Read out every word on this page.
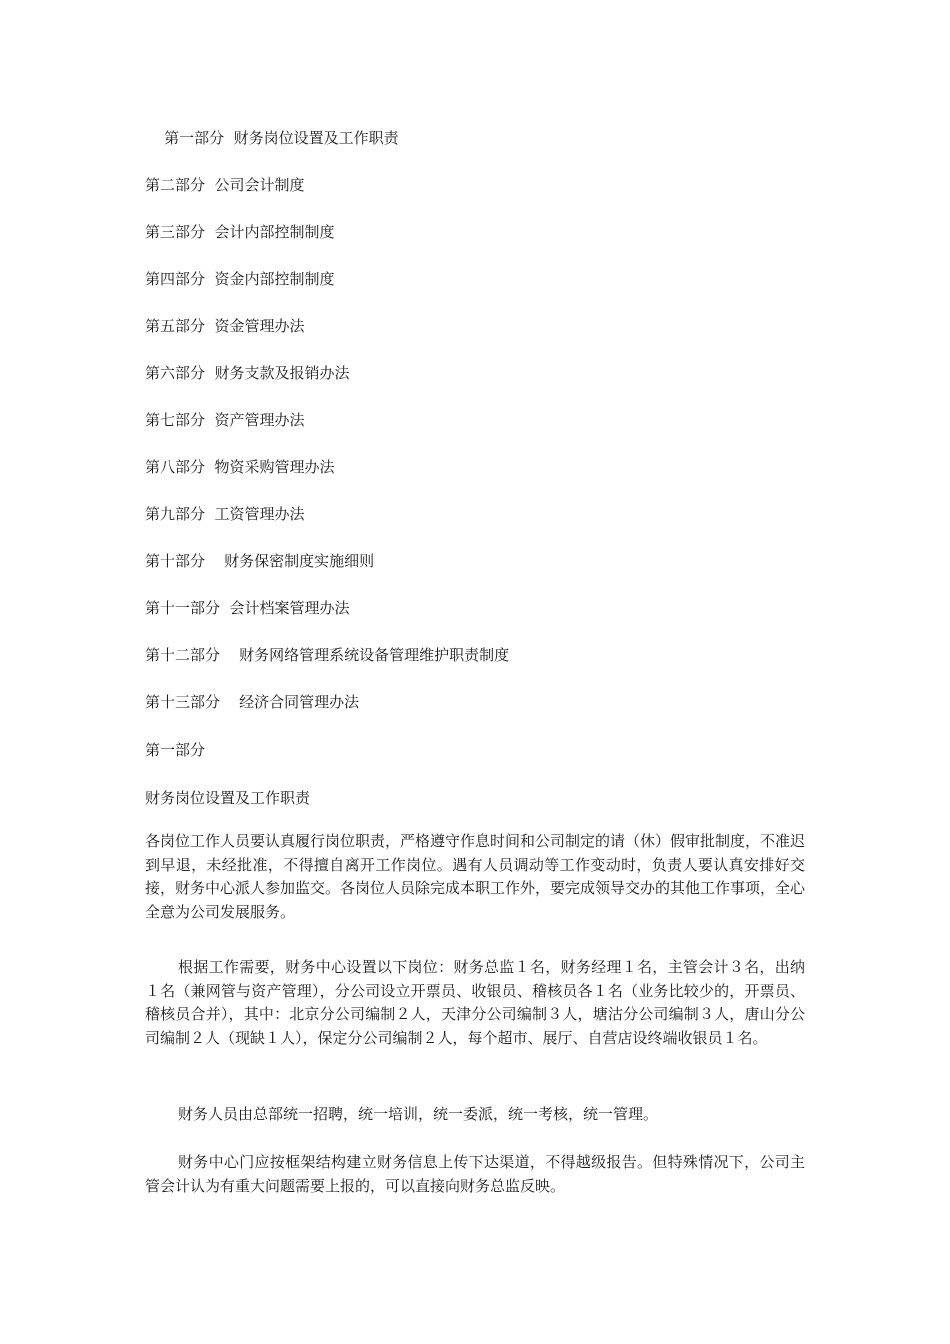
第一部分  财务岗位设置及工作职责

第二部分  公司会计制度

第三部分  会计内部控制制度

第四部分  资金内部控制制度

第五部分  资金管理办法

第六部分  财务支款及报销办法

第七部分  资产管理办法

第八部分  物资采购管理办法

第九部分  工资管理办法

第十部分    财务保密制度实施细则

第十一部分  会计档案管理办法

第十二部分    财务网络管理系统设备管理维护职责制度

第十三部分    经济合同管理办法

第一部分

财务岗位设置及工作职责

各岗位工作人员要认真履行岗位职责，严格遵守作息时间和公司制定的请（休）假审批制度，不准迟到早退，未经批准，不得擅自离开工作岗位。遇有人员调动等工作变动时，负责人要认真安排好交接，财务中心派人参加监交。各岗位人员除完成本职工作外，要完成领导交办的其他工作事项，全心全意为公司发展服务。

根据工作需要，财务中心设置以下岗位：财务总监１名，财务经理１名，主管会计３名，出纳１名（兼网管与资产管理），分公司设立开票员、收银员、稽核员各１名（业务比较少的，开票员、稽核员合并），其中：北京分公司编制２人，天津分公司编制３人，塘沽分公司编制３人，唐山分公司编制２人（现缺１人），保定分公司编制２人，每个超市、展厅、自营店设终端收银员１名。

财务人员由总部统一招聘，统一培训，统一委派，统一考核，统一管理。

财务中心门应按框架结构建立财务信息上传下达渠道，不得越级报告。但特殊情况下，公司主管会计认为有重大问题需要上报的，可以直接向财务总监反映。
